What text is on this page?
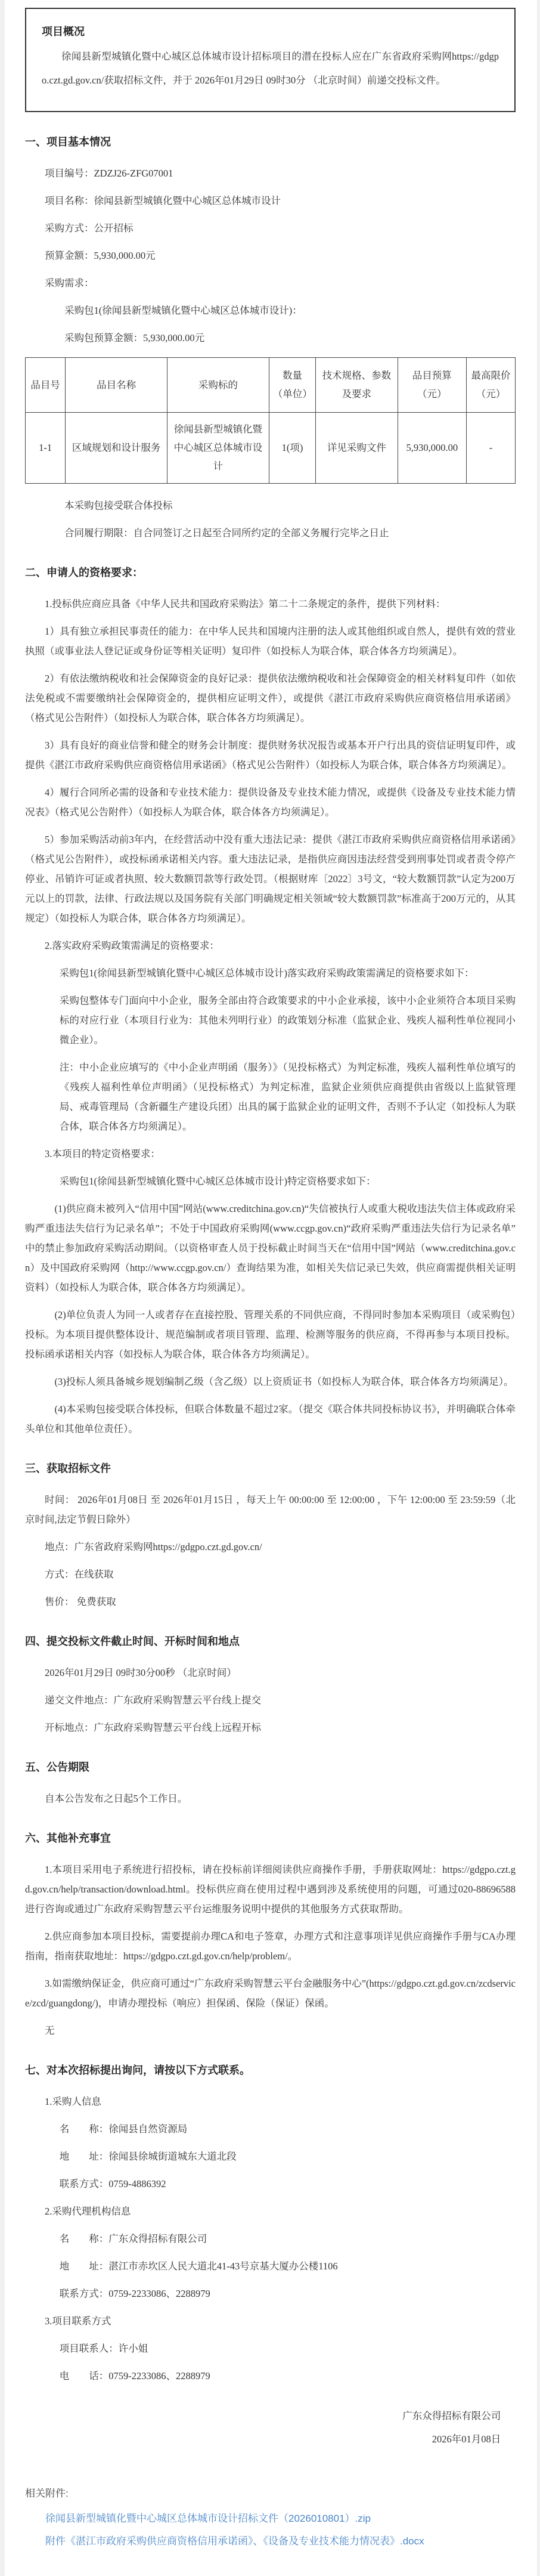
项目概况

徐闻县新型城镇化暨中心城区总体城市设计招标项目的潜在投标人应在广东省政府采购网https://gdgpo.czt.gd.gov.cn/获取招标文件，并于 2026年01月29日 09时30分 （北京时间）前递交投标文件。

一、项目基本情况

项目编号：ZDZJ26-ZFG07001

项目名称：徐闻县新型城镇化暨中心城区总体城市设计

采购方式：公开招标

预算金额：5,930,000.00元

采购需求：

采购包1(徐闻县新型城镇化暨中心城区总体城市设计)：

采购包预算金额：5,930,000.00元

品目号	品目名称	采购标的	数量（单位）	技术规格、参数及要求	品目预算（元）	最高限价（元）
1-1	区域规划和设计服务	徐闻县新型城镇化暨中心城区总体城市设计	1(项)	详见采购文件	5,930,000.00	-

本采购包接受联合体投标

合同履行期限：自合同签订之日起至合同所约定的全部义务履行完毕之日止

二、申请人的资格要求：

1.投标供应商应具备《中华人民共和国政府采购法》第二十二条规定的条件，提供下列材料：

1）具有独立承担民事责任的能力：在中华人民共和国境内注册的法人或其他组织或自然人，提供有效的营业执照（或事业法人登记证或身份证等相关证明）复印件（如投标人为联合体，联合体各方均须满足）。

2）有依法缴纳税收和社会保障资金的良好记录：提供依法缴纳税收和社会保障资金的相关材料复印件（如依法免税或不需要缴纳社会保障资金的，提供相应证明文件），或提供《湛江市政府采购供应商资格信用承诺函》（格式见公告附件）（如投标人为联合体，联合体各方均须满足）。

3）具有良好的商业信誉和健全的财务会计制度：提供财务状况报告或基本开户行出具的资信证明复印件，或提供《湛江市政府采购供应商资格信用承诺函》（格式见公告附件）（如投标人为联合体，联合体各方均须满足）。

4）履行合同所必需的设备和专业技术能力：提供设备及专业技术能力情况，或提供《设备及专业技术能力情况表》（格式见公告附件）（如投标人为联合体，联合体各方均须满足）。

5）参加采购活动前3年内，在经营活动中没有重大违法记录：提供《湛江市政府采购供应商资格信用承诺函》（格式见公告附件），或投标函承诺相关内容。重大违法记录，是指供应商因违法经营受到刑事处罚或者责令停产停业、吊销许可证或者执照、较大数额罚款等行政处罚。（根据财库〔2022〕3号文，“较大数额罚款”认定为200万元以上的罚款，法律、行政法规以及国务院有关部门明确规定相关领域“较大数额罚款”标准高于200万元的，从其规定）（如投标人为联合体，联合体各方均须满足）。

2.落实政府采购政策需满足的资格要求：

采购包1(徐闻县新型城镇化暨中心城区总体城市设计)落实政府采购政策需满足的资格要求如下：

采购包整体专门面向中小企业，服务全部由符合政策要求的中小企业承接，该中小企业须符合本项目采购标的对应行业（本项目行业为：其他未列明行业）的政策划分标准（监狱企业、残疾人福利性单位视同小微企业）。

注：中小企业应填写的《中小企业声明函（服务）》（见投标格式）为判定标准，残疾人福利性单位填写的《残疾人福利性单位声明函》（见投标格式）为判定标准，监狱企业须供应商提供由省级以上监狱管理局、戒毒管理局（含新疆生产建设兵团）出具的属于监狱企业的证明文件，否则不予认定（如投标人为联合体，联合体各方均须满足）。

3.本项目的特定资格要求：

采购包1(徐闻县新型城镇化暨中心城区总体城市设计)特定资格要求如下：

(1)供应商未被列入“信用中国”网站(www.creditchina.gov.cn)“失信被执行人或重大税收违法失信主体或政府采购严重违法失信行为记录名单”；不处于中国政府采购网(www.ccgp.gov.cn)“政府采购严重违法失信行为记录名单”中的禁止参加政府采购活动期间。（以资格审查人员于投标截止时间当天在“信用中国”网站（www.creditchina.gov.cn）及中国政府采购网（http://www.ccgp.gov.cn/）查询结果为准，如相关失信记录已失效，供应商需提供相关证明资料）（如投标人为联合体，联合体各方均须满足）。

(2)单位负责人为同一人或者存在直接控股、管理关系的不同供应商，不得同时参加本采购项目（或采购包）投标。为本项目提供整体设计、规范编制或者项目管理、监理、检测等服务的供应商，不得再参与本项目投标。投标函承诺相关内容（如投标人为联合体，联合体各方均须满足）。

(3)投标人须具备城乡规划编制乙级（含乙级）以上资质证书（如投标人为联合体，联合体各方均须满足）。

(4)本采购包接受联合体投标，但联合体数量不超过2家。（提交《联合体共同投标协议书》，并明确联合体牵头单位和其他单位责任）。

三、获取招标文件

时间： 2026年01月08日 至 2026年01月15日 ，每天上午 00:00:00 至 12:00:00 ，下午 12:00:00 至 23:59:59（北京时间,法定节假日除外）

地点：广东省政府采购网https://gdgpo.czt.gd.gov.cn/

方式：在线获取

售价： 免费获取

四、提交投标文件截止时间、开标时间和地点

2026年01月29日 09时30分00秒 （北京时间）

递交文件地点：广东政府采购智慧云平台线上提交

开标地点：广东政府采购智慧云平台线上远程开标

五、公告期限

自本公告发布之日起5个工作日。

六、其他补充事宜

1.本项目采用电子系统进行招投标，请在投标前详细阅读供应商操作手册，手册获取网址：https://gdgpo.czt.gd.gov.cn/help/transaction/download.html。投标供应商在使用过程中遇到涉及系统使用的问题，可通过020-88696588 进行咨询或通过广东政府采购智慧云平台运维服务说明中提供的其他服务方式获取帮助。

2.供应商参加本项目投标，需要提前办理CA和电子签章，办理方式和注意事项详见供应商操作手册与CA办理指南，指南获取地址：https://gdgpo.czt.gd.gov.cn/help/problem/。

3.如需缴纳保证金，供应商可通过“广东政府采购智慧云平台金融服务中心”(https://gdgpo.czt.gd.gov.cn/zcdservice/zcd/guangdong/)，申请办理投标（响应）担保函、保险（保证）保函。

无

七、对本次招标提出询问，请按以下方式联系。

1.采购人信息

名　　称：徐闻县自然资源局

地　　址：徐闻县徐城街道城东大道北段

联系方式：0759-4886392

2.采购代理机构信息

名　　称：广东众得招标有限公司

地　　址：湛江市赤坎区人民大道北41-43号京基大厦办公楼1106

联系方式：0759-2233086、2288979

3.项目联系方式

项目联系人：许小姐

电　　话：0759-2233086、2288979

广东众得招标有限公司

2026年01月08日

相关附件:
徐闻县新型城镇化暨中心城区总体城市设计招标文件（2026010801）.zip
附件《湛江市政府采购供应商资格信用承诺函》、《设备及专业技术能力情况表》.docx
